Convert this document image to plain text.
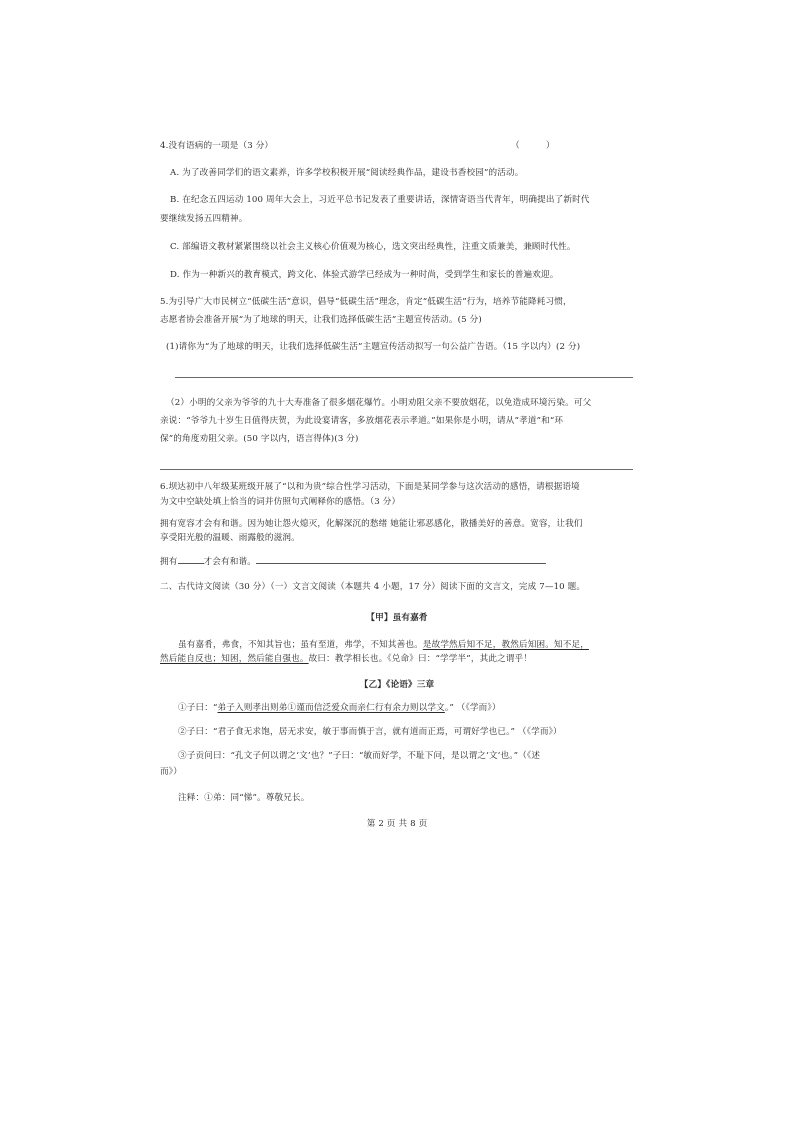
4.没有语病的一项是（3 分）	（　　　）
A. 为了改善同学们的语文素养，许多学校积极开展“阅读经典作品，建设书香校园”的活动。
B. 在纪念五四运动 100 周年大会上，习近平总书记发表了重要讲话，深情寄语当代青年，明确提出了新时代
要继续发扬五四精神。
C. 部编语文教材紧紧围绕以社会主义核心价值观为核心，选文突出经典性，注重文质兼美，兼顾时代性。
D. 作为一种新兴的教育模式，跨文化、体验式游学已经成为一种时尚，受到学生和家长的普遍欢迎。
5.为引导广大市民树立“低碳生活”意识，倡导“低碳生活”理念，肯定“低碳生活”行为，培养节能降耗习惯，
志愿者协会准备开展“为了地球的明天，让我们选择低碳生活”主题宣传活动。(5 分)
(1)请你为“为了地球的明天，让我们选择低碳生活”主题宣传活动拟写一句公益广告语。（15 字以内）(2 分)
（2）小明的父亲为爷爷的九十大寿准备了很多烟花爆竹。小明劝阻父亲不要放烟花，以免造成环境污染。可父
亲说：“爷爷九十岁生日值得庆贺，为此设宴请客，多放烟花表示孝道。”如果你是小明，请从“孝道”和“环
保”的角度劝阻父亲。(50 字以内，语言得体)(3 分)
6.坝达初中八年级某班级开展了“以和为贵”综合性学习活动，下面是某同学参与这次活动的感悟，请根据语境
为文中空缺处填上恰当的词并仿照句式阐释你的感悟。（3 分）
拥有宽容才会有和谐。因为她让怨火熄灭，化解深沉的愁绪 她能让邪恶感化，散播美好的善意。宽容，让我们
享受阳光般的温暖、雨露般的滋润。
拥有	才会有和谐。
二、古代诗文阅读（30 分）（一）文言文阅读（本题共 4 小题，17 分）阅读下面的文言文，完成 7—10 题。
【甲】虽有嘉肴
虽有嘉肴，弗食，不知其旨也；虽有至道，弗学，不知其善也。是故学然后知不足，教然后知困。知不足，
然后能自反也；知困，然后能自强也。故曰：教学相长也。《兑命》曰：“学学半”，其此之谓乎！
【乙】《论语》三章
①子曰：“弟子入则孝出则弟①谨而信泛爱众而亲仁行有余力则以学文。” （《学而》）
②子曰：“君子食无求饱，居无求安，敏于事而慎于言，就有道而正焉，可谓好学也已。” （《学而》）
③子贡问曰：“孔文子何以谓之‘文’也？”子曰：“敏而好学，不耻下问，是以谓之‘文’也。”（《述
而》）
注释：①弟：同“悌”。尊敬兄长。
第 2 页 共 8 页
